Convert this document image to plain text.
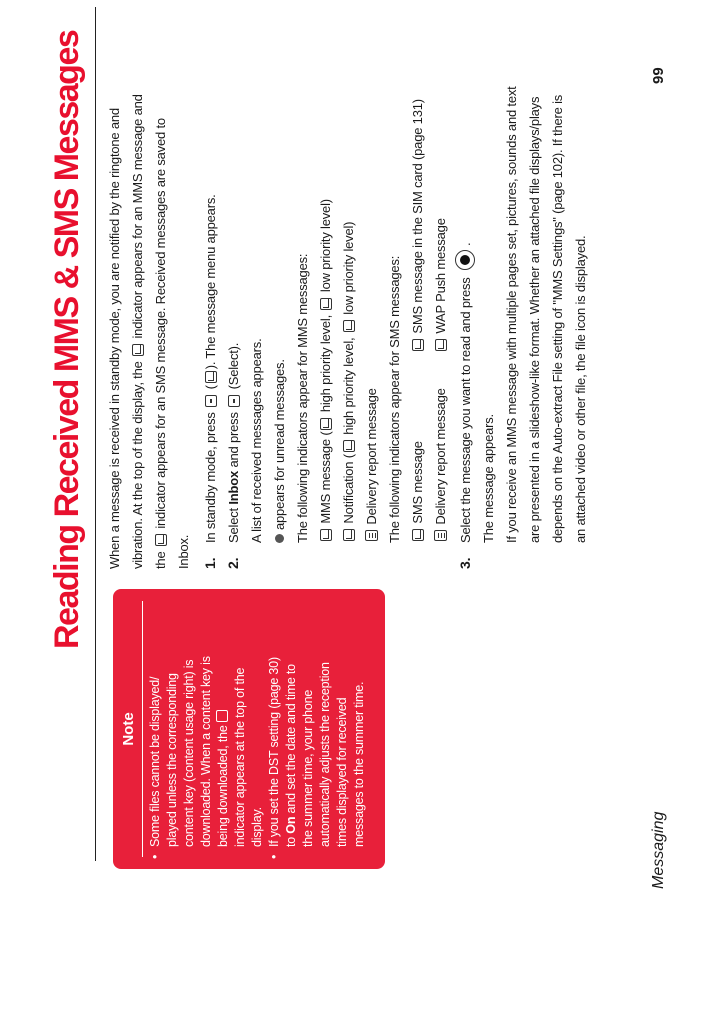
Reading Received MMS & SMS Messages
Note
•
Some files cannot be displayed/ played unless the corresponding content key (content usage right) is downloaded. When a content key is being downloaded, the indicator appears at the top of the display.
•
If you set the DST setting (page 30) to On and set the date and time to the summer time, your phone automatically adjusts the reception times displayed for received messages to the summer time.
When a message is received in standby mode, you are notified by the ringtone and vibration. At the top of the display, the  indicator appears for an MMS message and
the  indicator appears for an SMS message. Received messages are saved to
Inbox. 1.
In standby mode, press  (). The message menu appears.
2.
Select Inbox and press  (Select). A list of received messages appears. appears for unread messages. The following indicators appear for MMS messages: MMS message ( high priority level,  low priority level)
Notification ( high priority level,  low priority level)
Delivery report message The following indicators appear for SMS messages: SMS message
SMS message in the SIM card (page 131)
Delivery report message
WAP Push message
3.
Select the message you want to read and press .
The message appears. If you receive an MMS message with multiple pages set, pictures, sounds and text are presented in a slideshow-like format. Whether an attached file displays/plays depends on the Auto-extract File setting of "MMS Settings" (page 102). If there is an attached video or other file, the file icon is displayed.
Messaging
99
